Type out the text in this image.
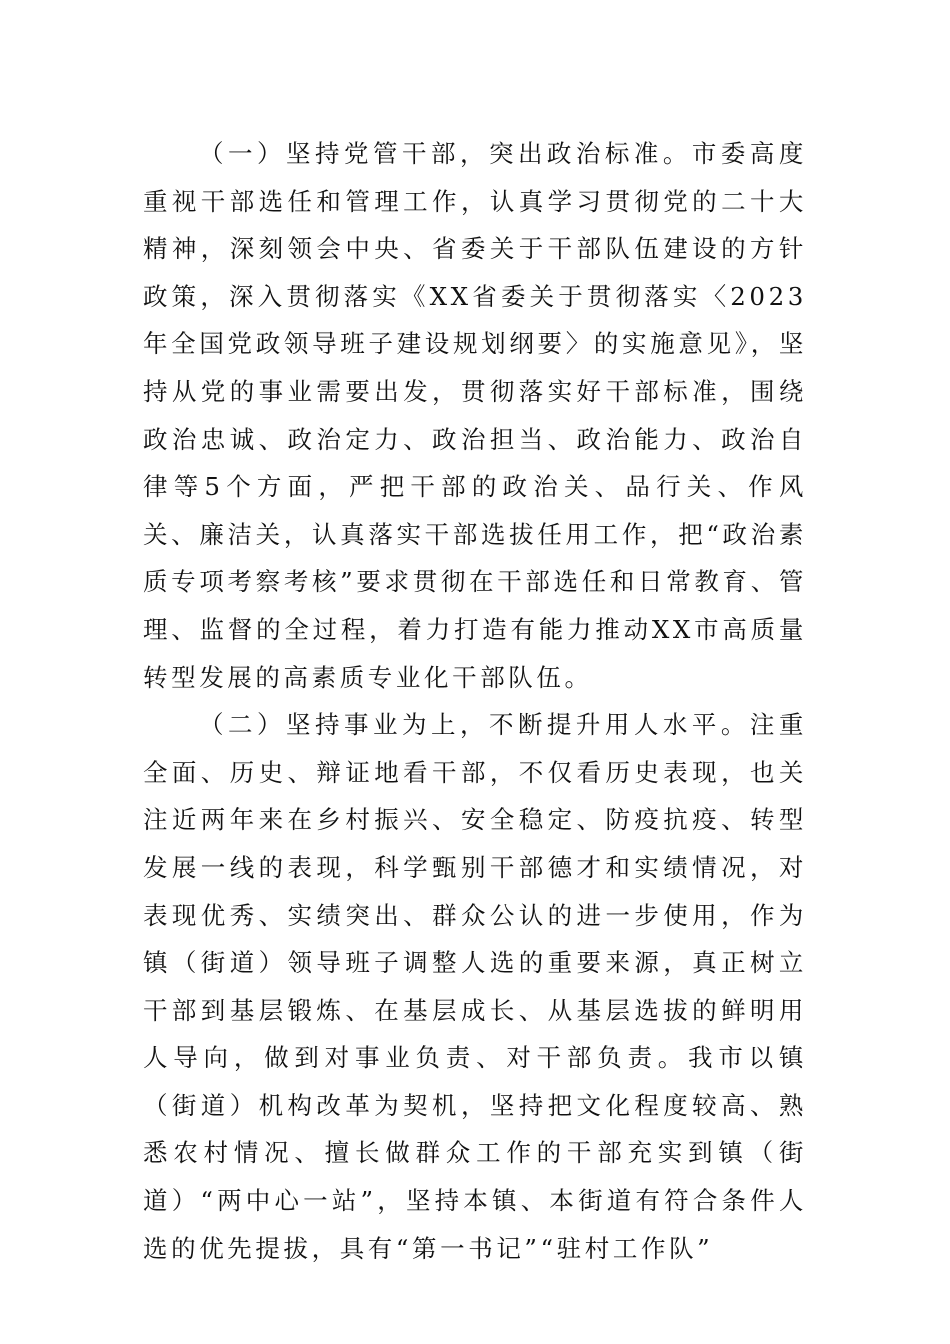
（一）坚持党管干部，突出政治标准。市委高度重视干部选任和管理工作，认真学习贯彻党的二十大精神，深刻领会中央、省委关于干部队伍建设的方针政策，深入贯彻落实《XX省委关于贯彻落实〈2023年全国党政领导班子建设规划纲要〉的实施意见》，坚持从党的事业需要出发，贯彻落实好干部标准，围绕政治忠诚、政治定力、政治担当、政治能力、政治自律等5个方面，严把干部的政治关、品行关、作风关、廉洁关，认真落实干部选拔任用工作，把“政治素质专项考察考核”要求贯彻在干部选任和日常教育、管理、监督的全过程，着力打造有能力推动XX市高质量转型发展的高素质专业化干部队伍。

（二）坚持事业为上，不断提升用人水平。注重全面、历史、辩证地看干部，不仅看历史表现，也关注近两年来在乡村振兴、安全稳定、防疫抗疫、转型发展一线的表现，科学甄别干部德才和实绩情况，对表现优秀、实绩突出、群众公认的进一步使用，作为镇（街道）领导班子调整人选的重要来源，真正树立干部到基层锻炼、在基层成长、从基层选拔的鲜明用人导向，做到对事业负责、对干部负责。我市以镇（街道）机构改革为契机，坚持把文化程度较高、熟悉农村情况、擅长做群众工作的干部充实到镇（街道）“两中心一站”，坚持本镇、本街道有符合条件人选的优先提拔，具有“第一书记”“驻村工作队”
